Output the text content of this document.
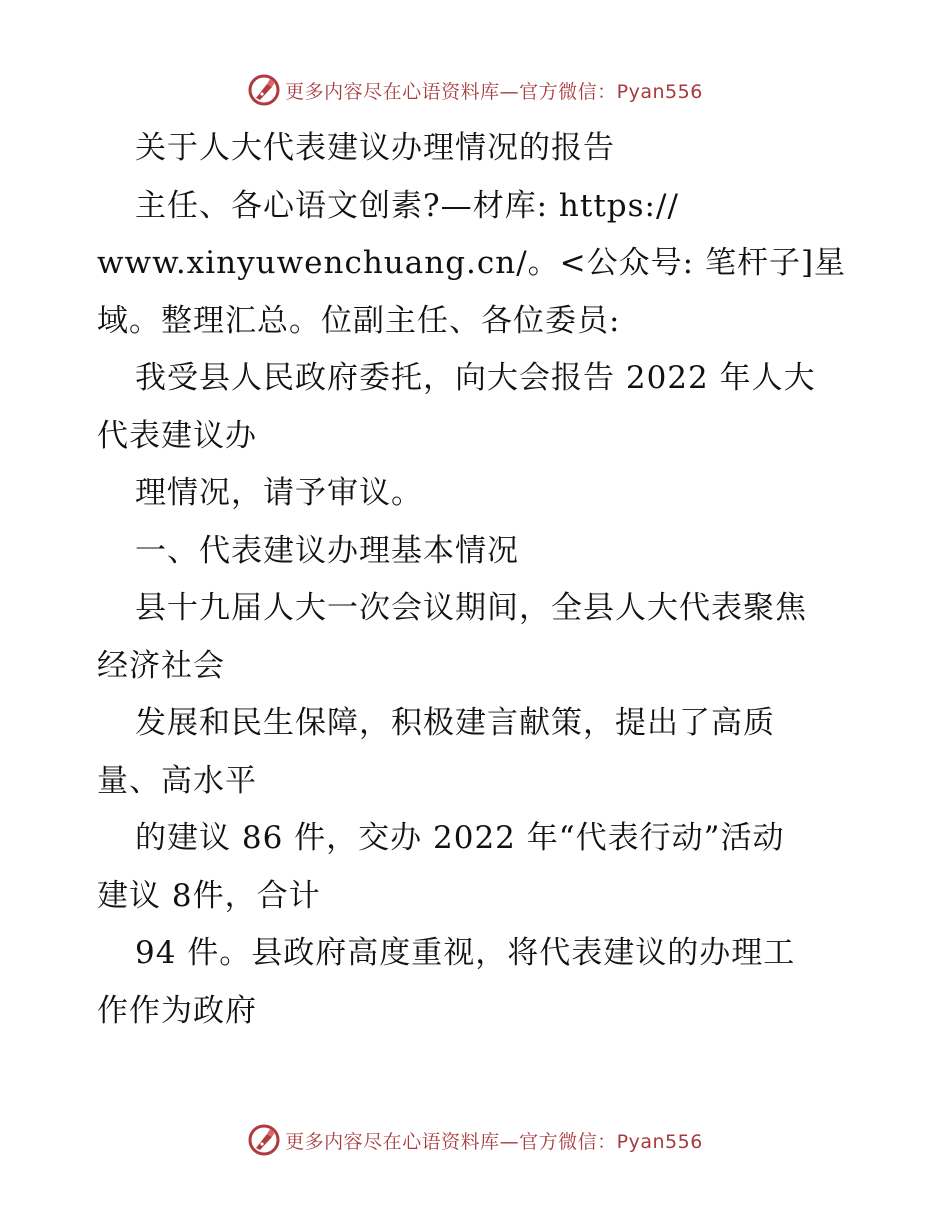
更多内容尽在心语资料库—官方微信：Pyan556
关于人大代表建议办理情况的报告
主任、各心语文创素?—材库: https://
www.xinyuwenchuang.cn/。<公众号: 笔杆子]星
域。整理汇总。位副主任、各位委员:
我受县人民政府委托，向大会报告 2022 年人大
代表建议办
理情况，请予审议。
一、代表建议办理基本情况
县十九届人大一次会议期间，全县人大代表聚焦
经济社会
发展和民生保障，积极建言献策，提出了高质
量、高水平
的建议 86 件，交办 2022 年“代表行动”活动
建议 8件，合计
94 件。县政府高度重视，将代表建议的办理工
作作为政府
更多内容尽在心语资料库—官方微信：Pyan556
